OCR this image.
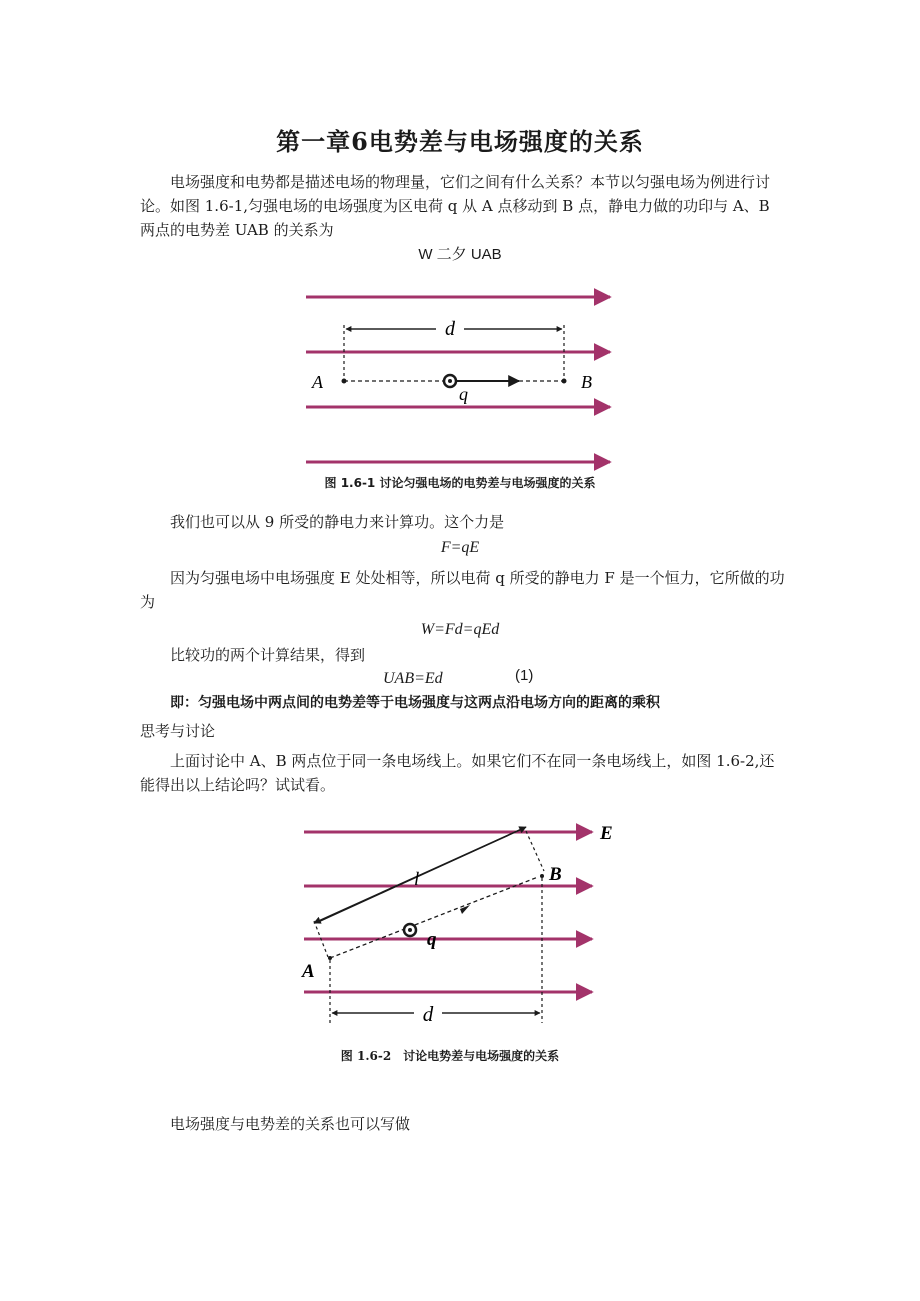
第一章6电势差与电场强度的关系

电场强度和电势都是描述电场的物理量，它们之间有什么关系？本节以匀强电场为例进行讨论。如图 1.6-1,匀强电场的电场强度为区电荷 q 从 A 点移动到 B 点，静电力做的功印与 A、B 两点的电势差 UAB 的关系为

W 二夕 UAB
d
A	B
q
图 1.6-1 讨论匀强电场的电势差与电场强度的关系

我们也可以从 9 所受的静电力来计算功。这个力是

F=qE

因为匀强电场中电场强度 E 处处相等，所以电荷 q 所受的静电力 F 是一个恒力，它所做的功为

W=Fd=qEd

比较功的两个计算结果，得到

UAB=Ed	(1)

即：匀强电场中两点间的电势差等于电场强度与这两点沿电场方向的距离的乘积

思考与讨论

上面讨论中 A、B 两点位于同一条电场线上。如果它们不在同一条电场线上，如图 1.6-2,还能得出以上结论吗？试试看。

E
l	B
A
q
d
图 1.6-2　讨论电势差与电场强度的关系

电场强度与电势差的关系也可以写做
